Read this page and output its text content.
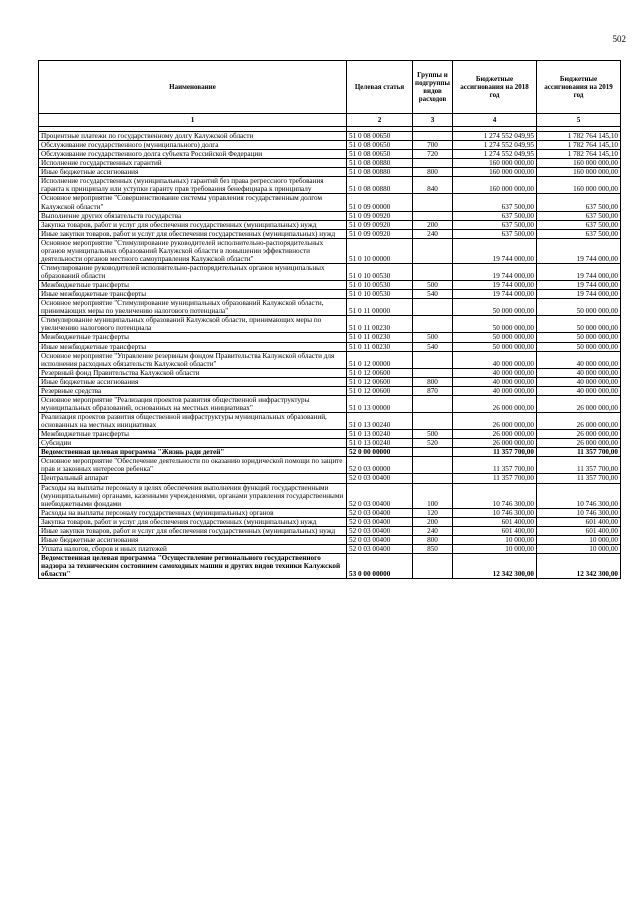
502
Наименование	Целевая статья	Группы и подгруппы видов расходов	Бюджетные ассигнования на 2018 год	Бюджетные ассигнования на 2019 год
1	2	3	4	5

Процентные платежи по государственному долгу Калужской области	51 0 08 00650		1 274 552 049,95	1 782 764 145,10
Обслуживание государственного (муниципального) долга	51 0 08 00650	700	1 274 552 049,95	1 782 764 145,10
Обслуживание государственного долга субъекта Российской Федерации	51 0 08 00650	720	1 274 552 049,95	1 782 764 145,10
Исполнение государственных гарантий	51 0 08 00880		160 000 000,00	160 000 000,00
Иные бюджетные ассигнования	51 0 08 00880	800	160 000 000,00	160 000 000,00
Исполнение государственных (муниципальных) гарантий без права регрессного требования гаранта к принципалу или уступки гаранту прав требования бенефициара к принципалу	51 0 08 00880	840	160 000 000,00	160 000 000,00
Основное мероприятие "Совершенствование системы управления государственным долгом Калужской области"	51 0 09 00000		637 500,00	637 500,00
Выполнение других обязательств государства	51 0 09 00920		637 500,00	637 500,00
Закупка товаров, работ и услуг для обеспечения государственных (муниципальных) нужд	51 0 09 00920	200	637 500,00	637 500,00
Иные закупки товаров, работ и услуг для обеспечения государственных (муниципальных) нужд	51 0 09 00920	240	637 500,00	637 500,00
Основное мероприятие "Стимулирование руководителей исполнительно-распорядительных органов муниципальных образований Калужской области в повышении эффективности деятельности органов местного самоуправления Калужской области"	51 0 10 00000		19 744 000,00	19 744 000,00
Стимулирование руководителей исполнительно-распорядительных органов муниципальных образований области	51 0 10 00530		19 744 000,00	19 744 000,00
Межбюджетные трансферты	51 0 10 00530	500	19 744 000,00	19 744 000,00
Иные межбюджетные трансферты	51 0 10 00530	540	19 744 000,00	19 744 000,00
Основное мероприятие "Стимулирование муниципальных образований Калужской области, принимающих меры по увеличению налогового потенциала"	51 0 11 00000		50 000 000,00	50 000 000,00
Стимулирование муниципальных образований Калужской области, принимающих меры по увеличению налогового потенциала	51 0 11 00230		50 000 000,00	50 000 000,00
Межбюджетные трансферты	51 0 11 00230	500	50 000 000,00	50 000 000,00
Иные межбюджетные трансферты	51 0 11 00230	540	50 000 000,00	50 000 000,00
Основное мероприятие "Управление резервным фондом Правительства Калужской области для исполнения расходных обязательств Калужской области"	51 0 12 00000		40 000 000,00	40 000 000,00
Резервный фонд Правительства Калужской области	51 0 12 00600		40 000 000,00	40 000 000,00
Иные бюджетные ассигнования	51 0 12 00600	800	40 000 000,00	40 000 000,00
Резервные средства	51 0 12 00600	870	40 000 000,00	40 000 000,00
Основное мероприятие "Реализация проектов развития общественной инфраструктуры муниципальных образований, основанных на местных инициативах"	51 0 13 00000		26 000 000,00	26 000 000,00
Реализация проектов развития общественной инфраструктуры муниципальных образований, основанных на местных инициативах	51 0 13 00240		26 000 000,00	26 000 000,00
Межбюджетные трансферты	51 0 13 00240	500	26 000 000,00	26 000 000,00
Субсидии	51 0 13 00240	520	26 000 000,00	26 000 000,00
Ведомственная целевая программа "Жизнь ради детей"	52 0 00 00000		11 357 700,00	11 357 700,00
Основное мероприятие "Обеспечение деятельности по оказанию юридической помощи по защите прав и законных интересов ребенка"	52 0 03 00000		11 357 700,00	11 357 700,00
Центральный аппарат	52 0 03 00400		11 357 700,00	11 357 700,00
Расходы на выплаты персоналу в целях обеспечения выполнения функций государственными (муниципальными) органами, казенными учреждениями, органами управления государственными внебюджетными фондами	52 0 03 00400	100	10 746 300,00	10 746 300,00
Расходы на выплаты персоналу государственных (муниципальных) органов	52 0 03 00400	120	10 746 300,00	10 746 300,00
Закупка товаров, работ и услуг для обеспечения государственных (муниципальных) нужд	52 0 03 00400	200	601 400,00	601 400,00
Иные закупки товаров, работ и услуг для обеспечения государственных (муниципальных) нужд	52 0 03 00400	240	601 400,00	601 400,00
Иные бюджетные ассигнования	52 0 03 00400	800	10 000,00	10 000,00
Уплата налогов, сборов и иных платежей	52 0 03 00400	850	10 000,00	10 000,00
Ведомственная целевая программа "Осуществление регионального государственного надзора за техническим состоянием самоходных машин и других видов техники Калужской области"	53 0 00 00000		12 342 300,00	12 342 300,00
